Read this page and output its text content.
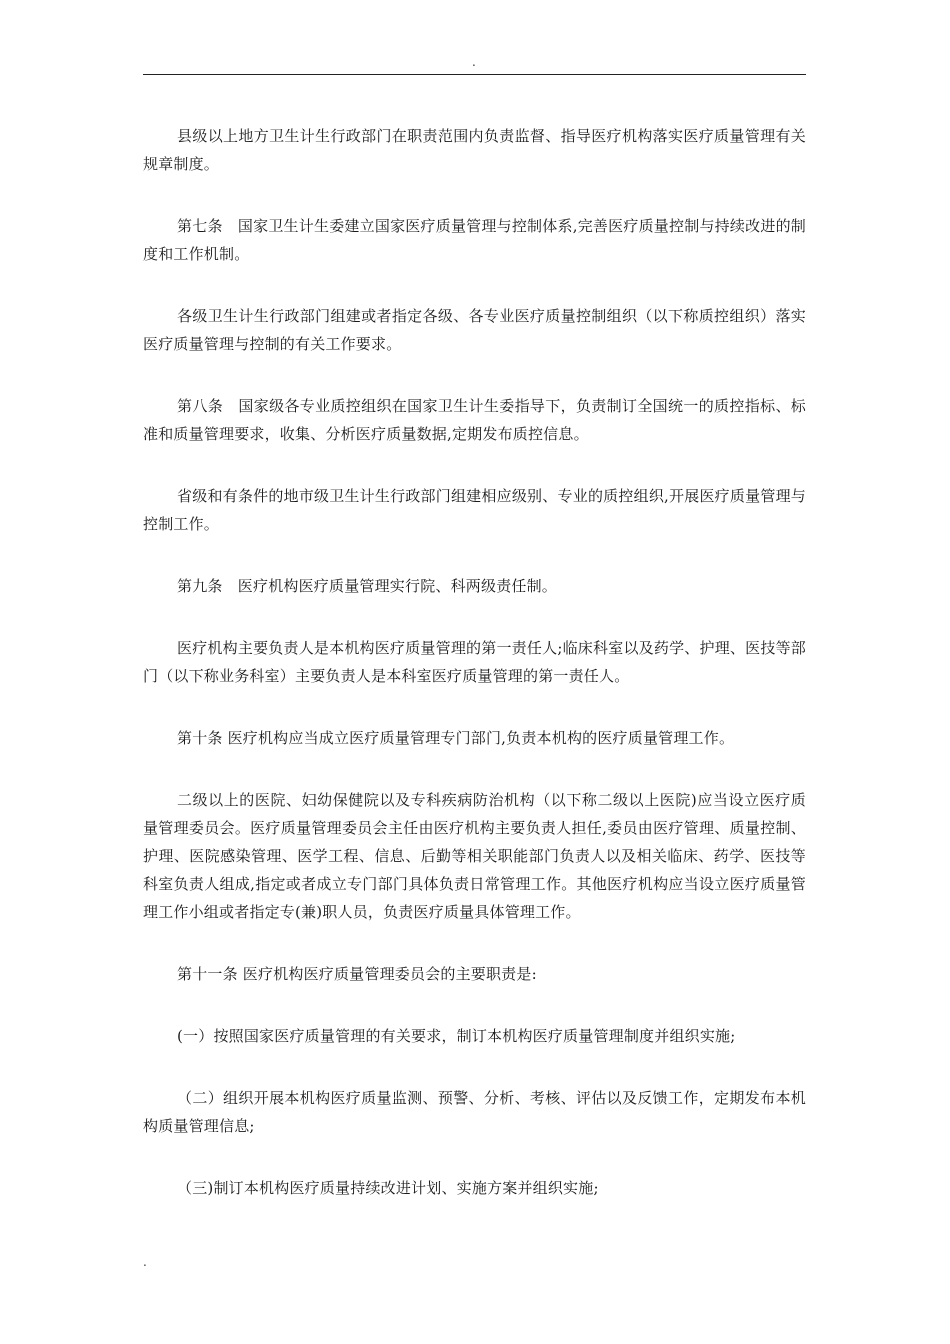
.

县级以上地方卫生计生行政部门在职责范围内负责监督、指导医疗机构落实医疗质量管理有关规章制度。

第七条　国家卫生计生委建立国家医疗质量管理与控制体系,完善医疗质量控制与持续改进的制度和工作机制。

各级卫生计生行政部门组建或者指定各级、各专业医疗质量控制组织（以下称质控组织）落实医疗质量管理与控制的有关工作要求。

第八条　国家级各专业质控组织在国家卫生计生委指导下，负责制订全国统一的质控指标、标准和质量管理要求，收集、分析医疗质量数据,定期发布质控信息。

省级和有条件的地市级卫生计生行政部门组建相应级别、专业的质控组织,开展医疗质量管理与控制工作。

第九条　医疗机构医疗质量管理实行院、科两级责任制。

医疗机构主要负责人是本机构医疗质量管理的第一责任人;临床科室以及药学、护理、医技等部门（以下称业务科室）主要负责人是本科室医疗质量管理的第一责任人。

第十条 医疗机构应当成立医疗质量管理专门部门,负责本机构的医疗质量管理工作。

二级以上的医院、妇幼保健院以及专科疾病防治机构（以下称二级以上医院)应当设立医疗质量管理委员会。医疗质量管理委员会主任由医疗机构主要负责人担任,委员由医疗管理、质量控制、护理、医院感染管理、医学工程、信息、后勤等相关职能部门负责人以及相关临床、药学、医技等科室负责人组成,指定或者成立专门部门具体负责日常管理工作。其他医疗机构应当设立医疗质量管理工作小组或者指定专(兼)职人员，负责医疗质量具体管理工作。

第十一条 医疗机构医疗质量管理委员会的主要职责是:

(一）按照国家医疗质量管理的有关要求，制订本机构医疗质量管理制度并组织实施;

（二）组织开展本机构医疗质量监测、预警、分析、考核、评估以及反馈工作，定期发布本机构质量管理信息;

（三)制订本机构医疗质量持续改进计划、实施方案并组织实施;

.
